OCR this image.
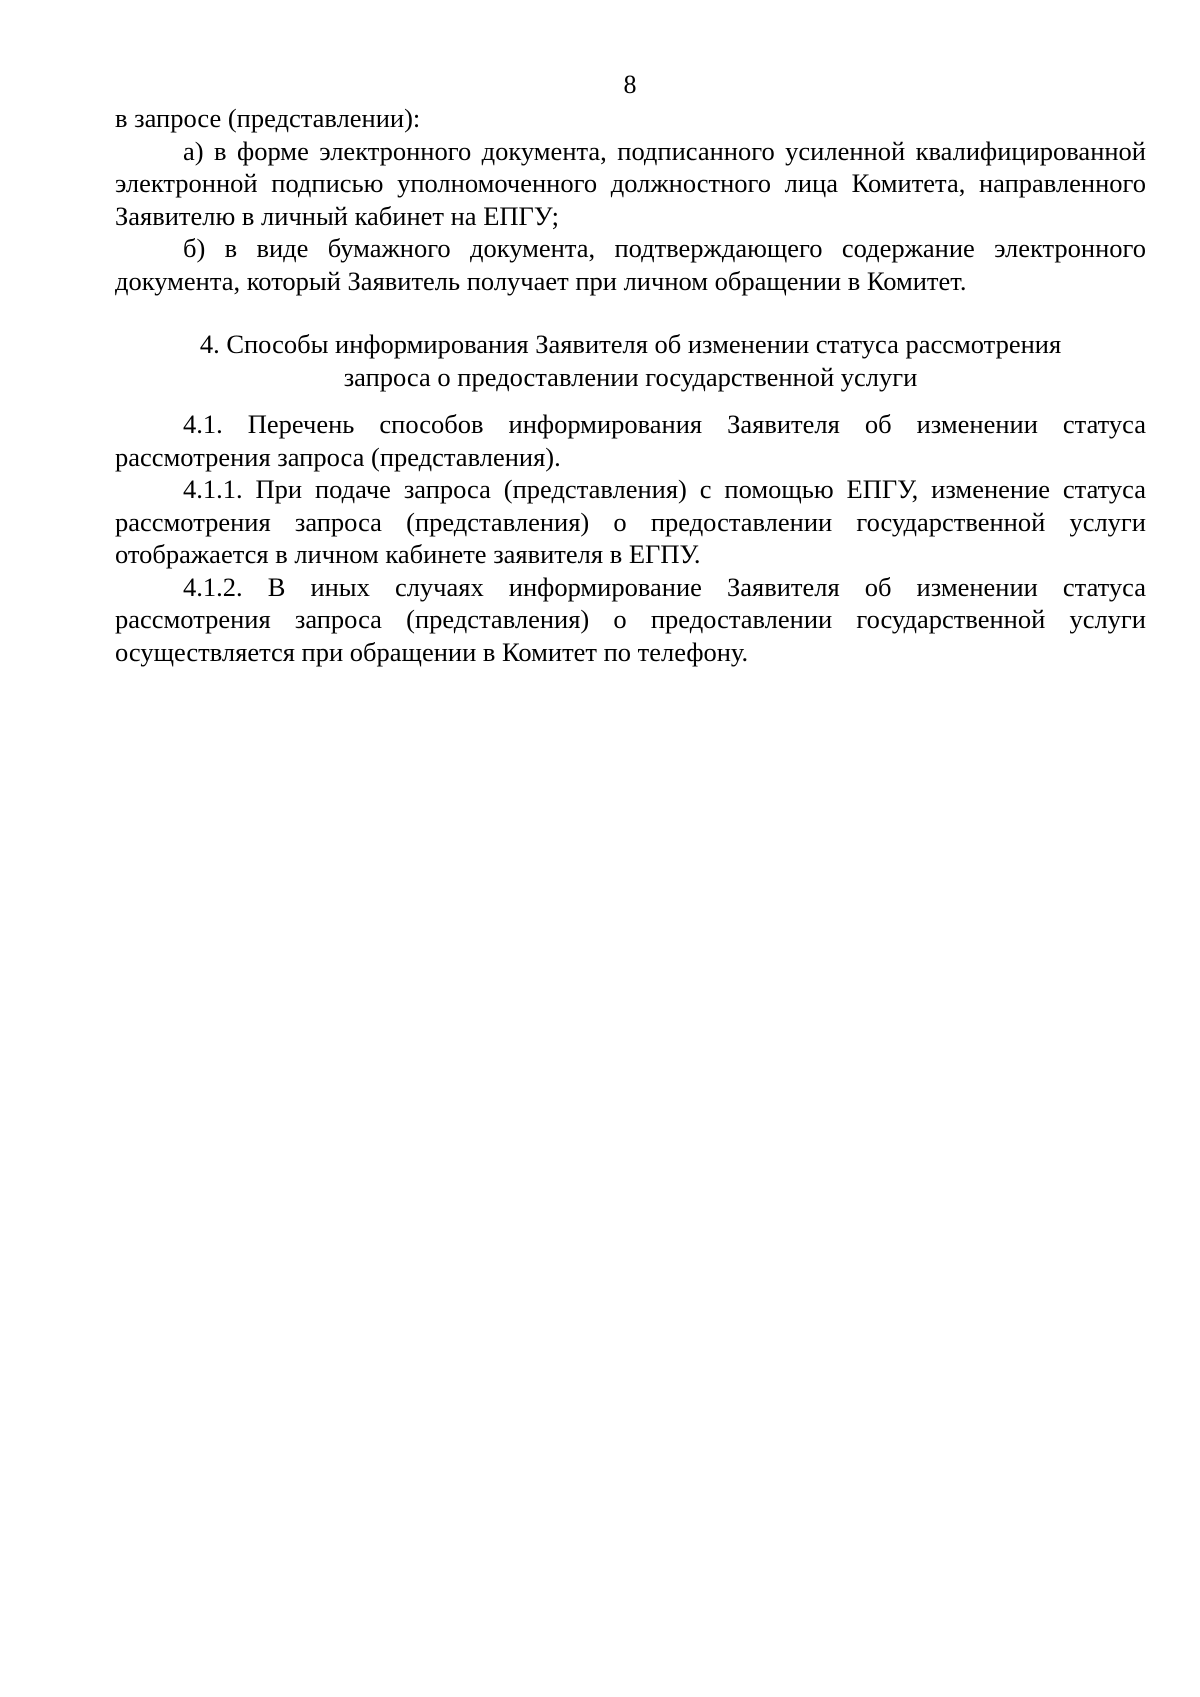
8

в запросе (представлении):

а) в форме электронного документа, подписанного усиленной квалифицированной электронной подписью уполномоченного должностного лица Комитета, направленного Заявителю в личный кабинет на ЕПГУ;

б) в виде бумажного документа, подтверждающего содержание электронного документа, который Заявитель получает при личном обращении в Комитет.

4. Способы информирования Заявителя об изменении статуса рассмотрения
запроса о предоставлении государственной услуги

4.1. Перечень способов информирования Заявителя об изменении статуса рассмотрения запроса (представления).

4.1.1. При подаче запроса (представления) с помощью ЕПГУ, изменение статуса рассмотрения запроса (представления) о предоставлении государственной услуги отображается в личном кабинете заявителя в ЕГПУ.

4.1.2. В иных случаях информирование Заявителя об изменении статуса рассмотрения запроса (представления) о предоставлении государственной услуги осуществляется при обращении в Комитет по телефону.
